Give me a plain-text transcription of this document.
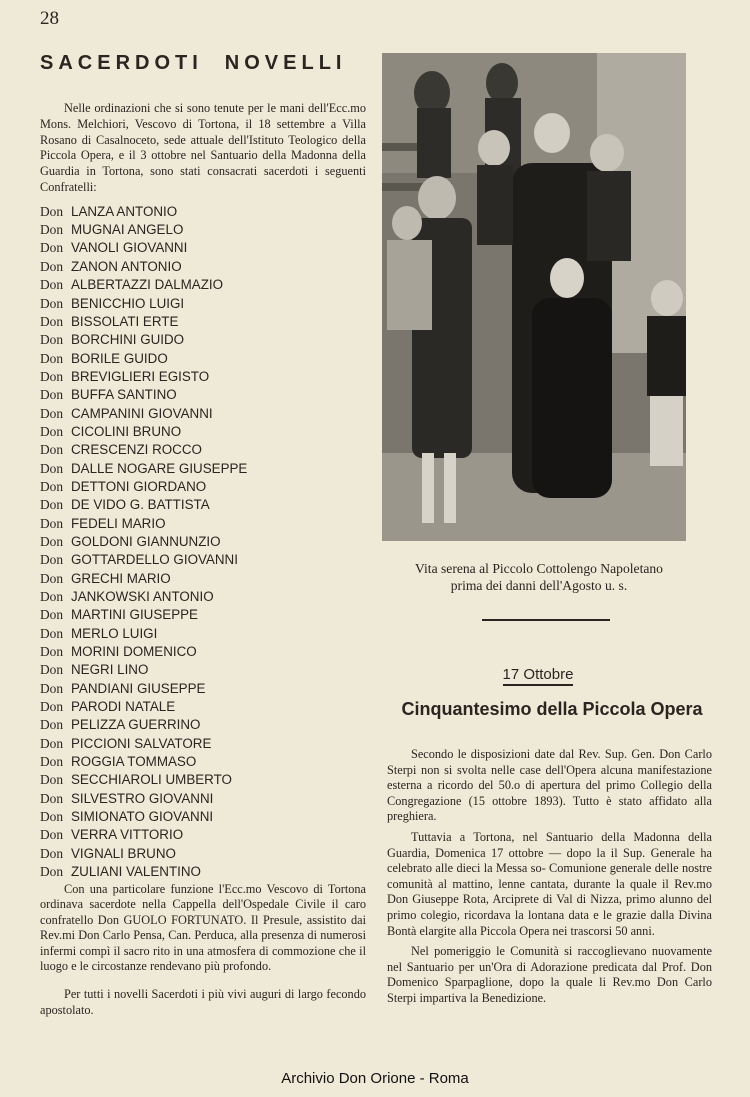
28
SACERDOTI NOVELLI

Nelle ordinazioni che si sono tenute per le mani dell'Ecc.mo Mons. Melchiori, Vescovo di Tortona, il 18 settembre a Villa Rosano di Casalnoceto, sede attuale dell'Istituto Teologico della Piccola Opera, e il 3 ottobre nel Santuario della Madonna della Guardia in Tortona, sono stati consacrati sacerdoti i seguenti Confratelli:

Don LANZA ANTONIO
Don MUGNAI ANGELO
Don VANOLI GIOVANNI
Don ZANON ANTONIO
Don ALBERTAZZI DALMAZIO
Don BENICCHIO LUIGI
Don BISSOLATI ERTE
Don BORCHINI GUIDO
Don BORILE GUIDO
Don BREVIGLIERI EGISTO
Don BUFFA SANTINO
Don CAMPANINI GIOVANNI
Don CICOLINI BRUNO
Don CRESCENZI ROCCO
Don DALLE NOGARE GIUSEPPE
Don DETTONI GIORDANO
Don DE VIDO G. BATTISTA
Don FEDELI MARIO
Don GOLDONI GIANNUNZIO
Don GOTTARDELLO GIOVANNI
Don GRECHI MARIO
Don JANKOWSKI ANTONIO
Don MARTINI GIUSEPPE
Don MERLO LUIGI
Don MORINI DOMENICO
Don NEGRI LINO
Don PANDIANI GIUSEPPE
Don PARODI NATALE
Don PELIZZA GUERRINO
Don PICCIONI SALVATORE
Don ROGGIA TOMMASO
Don SECCHIAROLI UMBERTO
Don SILVESTRO GIOVANNI
Don SIMIONATO GIOVANNI
Don VERRA VITTORIO
Don VIGNALI BRUNO
Don ZULIANI VALENTINO

Con una particolare funzione l'Ecc.mo Vescovo di Tortona ordinava sacerdote nella Cappella dell'Ospedale Civile il caro confratello Don GUOLO FORTUNATO. Il Presule, assistito dai Rev.mi Don Carlo Pensa, Can. Perduca, alla presenza di numerosi infermi compì il sacro rito in una atmosfera di commozione che il luogo e le circostanze rendevano più profondo.

Per tutti i novelli Sacerdoti i più vivi auguri di largo fecondo apostolato.

Vita serena al Piccolo Cottolengo Napoletano
prima dei danni dell'Agosto u. s.
17 Ottobre
Cinquantesimo della Piccola Opera

Secondo le disposizioni date dal Rev. Sup. Gen. Don Carlo Sterpi non si svolta nelle case dell'Opera alcuna manifestazione esterna a ricordo del 50.o di apertura del primo Collegio della Congregazione (15 ottobre 1893). Tutto è stato affidato alla preghiera.

Tuttavia a Tortona, nel Santuario della Madonna della Guardia, Domenica 17 ottobre — dopo la il Sup. Generale ha celebrato alle dieci la Messa so- Comunione generale delle nostre comunità al mattino, lenne cantata, durante la quale il Rev.mo Don Giuseppe Rota, Arciprete di Val di Nizza, primo alunno del primo colegio, ricordava la lontana data e le grazie dalla Divina Bontà elargite alla Piccola Opera nei trascorsi 50 anni.

Nel pomeriggio le Comunità si raccoglievano nuovamente nel Santuario per un'Ora di Adorazione predicata dal Prof. Don Domenico Sparpaglione, dopo la quale li Rev.mo Don Carlo Sterpi impartiva la Benedizione.

Archivio Don Orione - Roma
